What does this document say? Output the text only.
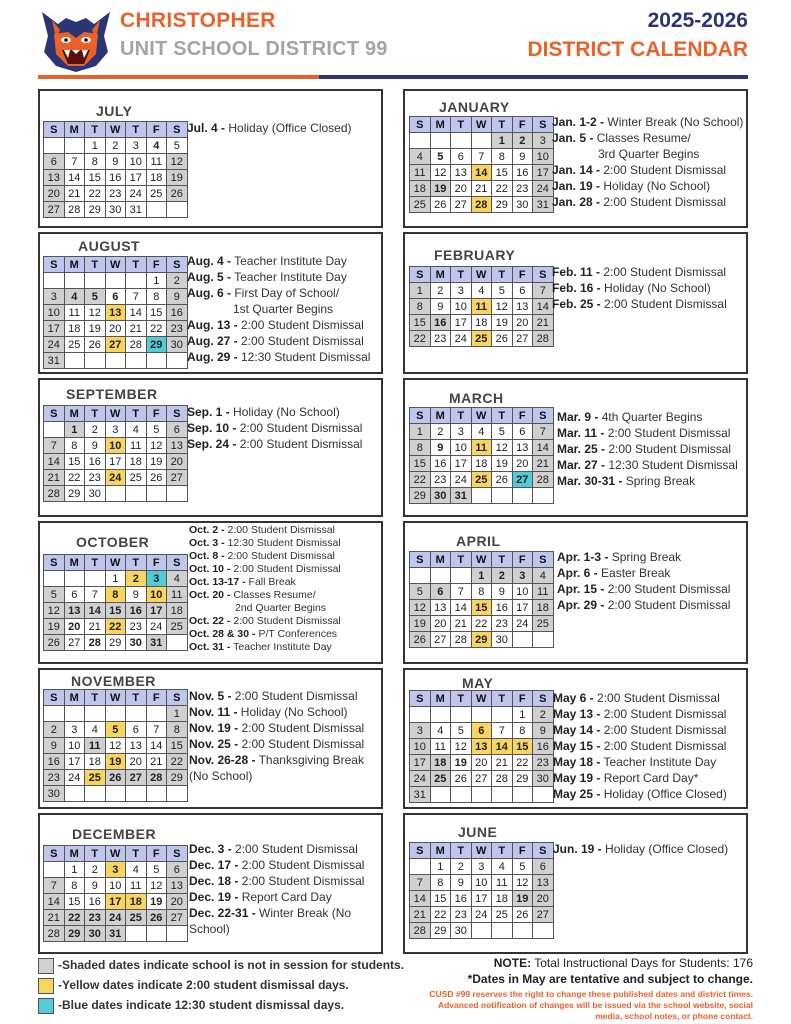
CHRISTOPHER
UNIT SCHOOL DISTRICT 99
2025-2026
DISTRICT CALENDAR
JULY
S	M	T	W	T	F	S
		1	2	3	4	5
6	7	8	9	10	11	12
13	14	15	16	17	18	19
20	21	22	23	24	25	26
27	28	29	30	31		
Jul. 4 - Holiday (Office Closed)
AUGUST
S	M	T	W	T	F	S
					1	2
3	4	5	6	7	8	9
10	11	12	13	14	15	16
17	18	19	20	21	22	23
24	25	26	27	28	29	30
31						
Aug. 4 - Teacher Institute Day
Aug. 5 - Teacher Institute Day
Aug. 6 - First Day of School/
1st Quarter Begins
Aug. 13 - 2:00 Student Dismissal
Aug. 27 - 2:00 Student Dismissal
Aug. 29 - 12:30 Student Dismissal
SEPTEMBER
S	M	T	W	T	F	S
	1	2	3	4	5	6
7	8	9	10	11	12	13
14	15	16	17	18	19	20
21	22	23	24	25	26	27
28	29	30				
Sep. 1 - Holiday (No School)
Sep. 10 - 2:00 Student Dismissal
Sep. 24 - 2:00 Student Dismissal
OCTOBER
S	M	T	W	T	F	S
			1	2	3	4
5	6	7	8	9	10	11
12	13	14	15	16	17	18
19	20	21	22	23	24	25
26	27	28	29	30	31	
Oct. 2 - 2:00 Student Dismissal
Oct. 3 - 12:30 Student Dismissal
Oct. 8 - 2:00 Student Dismissal
Oct. 10 - 2:00 Student Dismissal
Oct. 13-17 - Fall Break
Oct. 20 - Classes Resume/
2nd Quarter Begins
Oct. 22 - 2:00 Student Dismissal
Oct. 28 & 30 - P/T Conferences
Oct. 31 - Teacher Institute Day
NOVEMBER
S	M	T	W	T	F	S
						1
2	3	4	5	6	7	8
9	10	11	12	13	14	15
16	17	18	19	20	21	22
23	24	25	26	27	28	29
30						
Nov. 5 - 2:00 Student Dismissal
Nov. 11 - Holiday (No School)
Nov. 19 - 2:00 Student Dismissal
Nov. 25 - 2:00 Student Dismissal
Nov. 26-28 - Thanksgiving Break
(No School)
DECEMBER
S	M	T	W	T	F	S
	1	2	3	4	5	6
7	8	9	10	11	12	13
14	15	16	17	18	19	20
21	22	23	24	25	26	27
28	29	30	31			
Dec. 3 - 2:00 Student Dismissal
Dec. 17 - 2:00 Student Dismissal
Dec. 18 - 2:00 Student Dismissal
Dec. 19 - Report Card Day
Dec. 22-31 - Winter Break (No
School)
JANUARY
S	M	T	W	T	F	S
				1	2	3
4	5	6	7	8	9	10
11	12	13	14	15	16	17
18	19	20	21	22	23	24
25	26	27	28	29	30	31
Jan. 1-2 - Winter Break (No School)
Jan. 5 - Classes Resume/
3rd Quarter Begins
Jan. 14 - 2:00 Student Dismissal
Jan. 19 - Holiday (No School)
Jan. 28 - 2:00 Student Dismissal
FEBRUARY
S	M	T	W	T	F	S
1	2	3	4	5	6	7
8	9	10	11	12	13	14
15	16	17	18	19	20	21
22	23	24	25	26	27	28
Feb. 11 - 2:00 Student Dismissal
Feb. 16 - Holiday (No School)
Feb. 25 - 2:00 Student Dismissal
MARCH
S	M	T	W	T	F	S
1	2	3	4	5	6	7
8	9	10	11	12	13	14
15	16	17	18	19	20	21
22	23	24	25	26	27	28
29	30	31				
Mar. 9 - 4th Quarter Begins
Mar. 11 - 2:00 Student Dismissal
Mar. 25 - 2:00 Student Dismissal
Mar. 27 - 12:30 Student Dismissal
Mar. 30-31 - Spring Break
APRIL
S	M	T	W	T	F	S
			1	2	3	4
5	6	7	8	9	10	11
12	13	14	15	16	17	18
19	20	21	22	23	24	25
26	27	28	29	30		
Apr. 1-3 - Spring Break
Apr. 6 - Easter Break
Apr. 15 - 2:00 Student Dismissal
Apr. 29 - 2:00 Student Dismissal
MAY
S	M	T	W	T	F	S
					1	2
3	4	5	6	7	8	9
10	11	12	13	14	15	16
17	18	19	20	21	22	23
24	25	26	27	28	29	30
31						
May 6 - 2:00 Student Dismissal
May 13 - 2:00 Student Dismissal
May 14 - 2:00 Student Dismissal
May 15 - 2:00 Student Dismissal
May 18 - Teacher Institute Day
May 19 - Report Card Day*
May 25 - Holiday (Office Closed)
JUNE
S	M	T	W	T	F	S
	1	2	3	4	5	6
7	8	9	10	11	12	13
14	15	16	17	18	19	20
21	22	23	24	25	26	27
28	29	30				
Jun. 19 - Holiday (Office Closed)
-Shaded dates indicate school is not in session for students.
-Yellow dates indicate 2:00 student dismissal days.
-Blue dates indicate 12:30 student dismissal days.
NOTE: Total Instructional Days for Students: 176
*Dates in May are tentative and subject to change.
CUSD #99 reserves the right to change these published dates and district times. Advanced notification of changes will be issued via the school website, social media, school notes, or phone contact.
